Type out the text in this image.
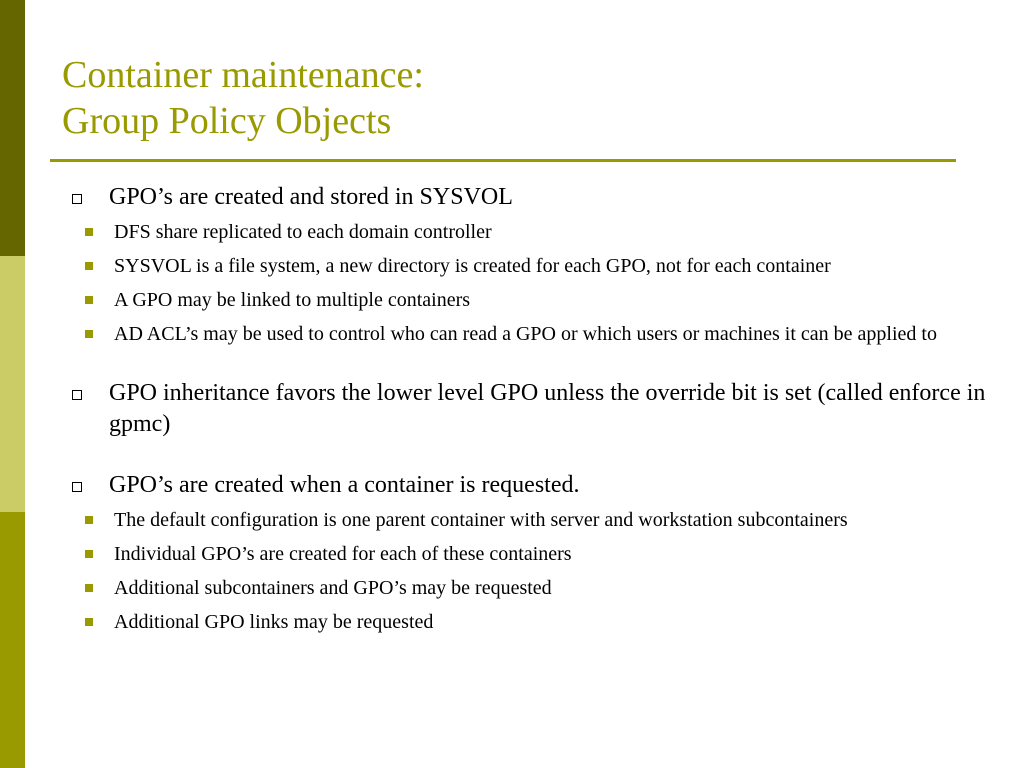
Container maintenance:
Group Policy Objects
GPO’s are created and stored in SYSVOL
DFS share replicated to each domain controller
SYSVOL is a file system, a new directory is created for each GPO, not for each container
A GPO may be linked to multiple containers
AD ACL’s may be used to control who can read a GPO or which users or machines it can be applied to
GPO inheritance favors the lower level GPO unless the override bit is set (called enforce in gpmc)
GPO’s are created when a container is requested.
The default configuration is one parent container with server and workstation subcontainers
Individual GPO’s are created for each of these containers
Additional subcontainers and GPO’s may be requested
Additional GPO links may be requested
